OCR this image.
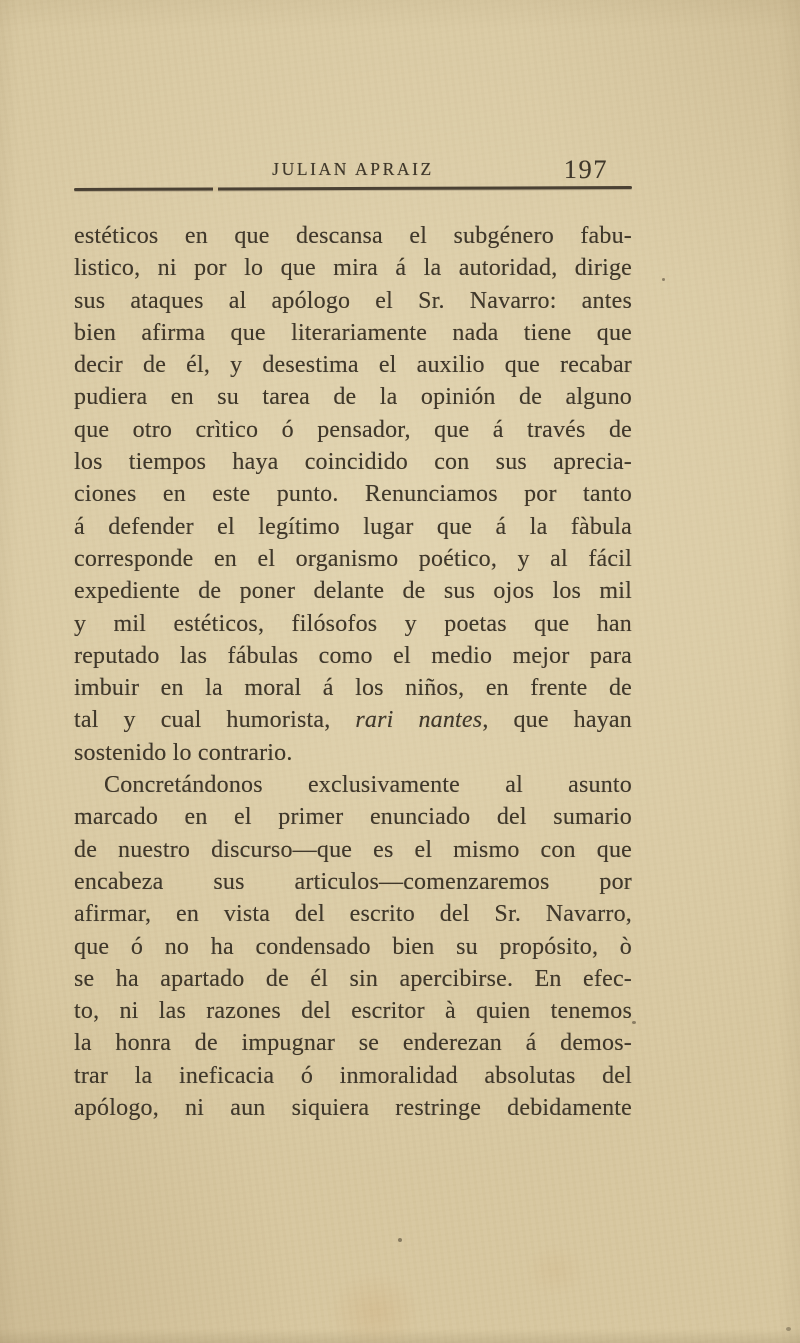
JULIAN APRAIZ	197
estéticos en que descansa el subgénero fabu-
listico, ni por lo que mira á la autoridad, dirige
sus ataques al apólogo el Sr. Navarro: antes
bien afirma que literariamente nada tiene que
decir de él, y desestima el auxilio que recabar
pudiera en su tarea de la opinión de alguno
que otro crìtico ó pensador, que á través de
los tiempos haya coincidido con sus aprecia-
ciones en este punto. Renunciamos por tanto
á defender el legítimo lugar que á la fàbula
corresponde en el organismo poético, y al fácil
expediente de poner delante de sus ojos los mil
y mil estéticos, filósofos y poetas que han
reputado las fábulas como el medio mejor para
imbuir en la moral á los niños, en frente de
tal y cual humorista, rari nantes, que hayan
sostenido lo contrario.
Concretándonos exclusivamente al asunto
marcado en el primer enunciado del sumario
de nuestro discurso—que es el mismo con que
encabeza sus articulos—comenzaremos por
afirmar, en vista del escrito del Sr. Navarro,
que ó no ha condensado bien su propósito, ò
se ha apartado de él sin apercibirse. En efec-
to, ni las razones del escritor à quien tenemos
la honra de impugnar se enderezan á demos-
trar la ineficacia ó inmoralidad absolutas del
apólogo, ni aun siquiera restringe debidamente
